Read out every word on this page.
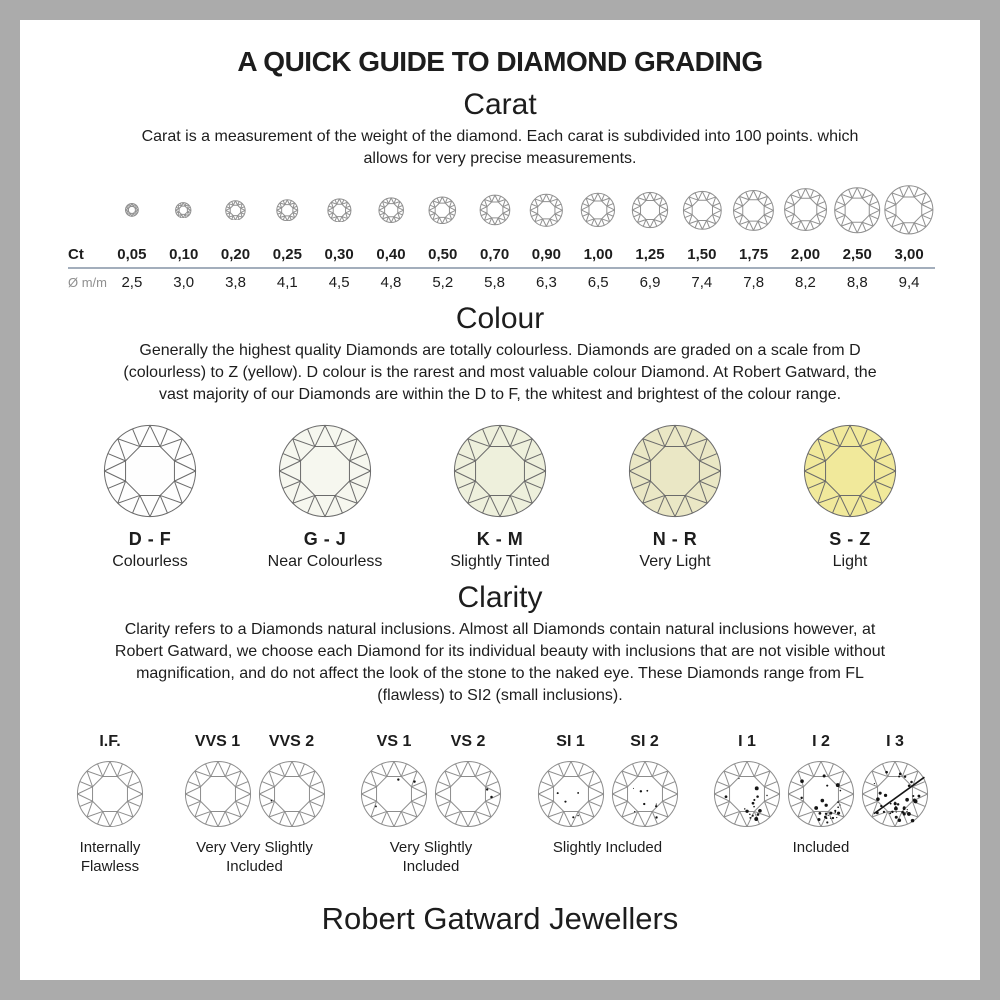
A QUICK GUIDE TO DIAMOND GRADING
Carat
Carat is a measurement of the weight of the diamond. Each carat is subdivided into 100 points. which
allows for very precise measurements.
Ct	0,05	0,10	0,20	0,25	0,30	0,40	0,50	0,70	0,90	1,00	1,25	1,50	1,75	2,00	2,50	3,00
Ø m/m 2,5	3,0	3,8	4,1	4,5	4,8	5,2	5,8	6,3	6,5	6,9	7,4	7,8	8,2	8,8	9,4
Colour
Generally the highest quality Diamonds are totally colourless. Diamonds are graded on a scale from D
(colourless) to Z (yellow). D colour is the rarest and most valuable colour Diamond. At Robert Gatward, the
vast majority of our Diamonds are within the D to F, the whitest and brightest of the colour range.
D - F
Colourless
G - J
Near Colourless
K - M
Slightly Tinted
N - R
Very Light
S - Z
Light
Clarity
Clarity refers to a Diamonds natural inclusions. Almost all Diamonds contain natural inclusions however, at
Robert Gatward, we choose each Diamond for its individual beauty with inclusions that are not visible without
magnification, and do not affect the look of the stone to the naked eye. These Diamonds range from FL
(flawless) to SI2 (small inclusions).
I.F.
Internally Flawless
VVS 1	VVS 2
Very Very Slightly Included
VS 1	VS 2
Very Slightly Included
SI 1	SI 2
Slightly Included
I 1	I 2	I 3
Included
Robert Gatward Jewellers
